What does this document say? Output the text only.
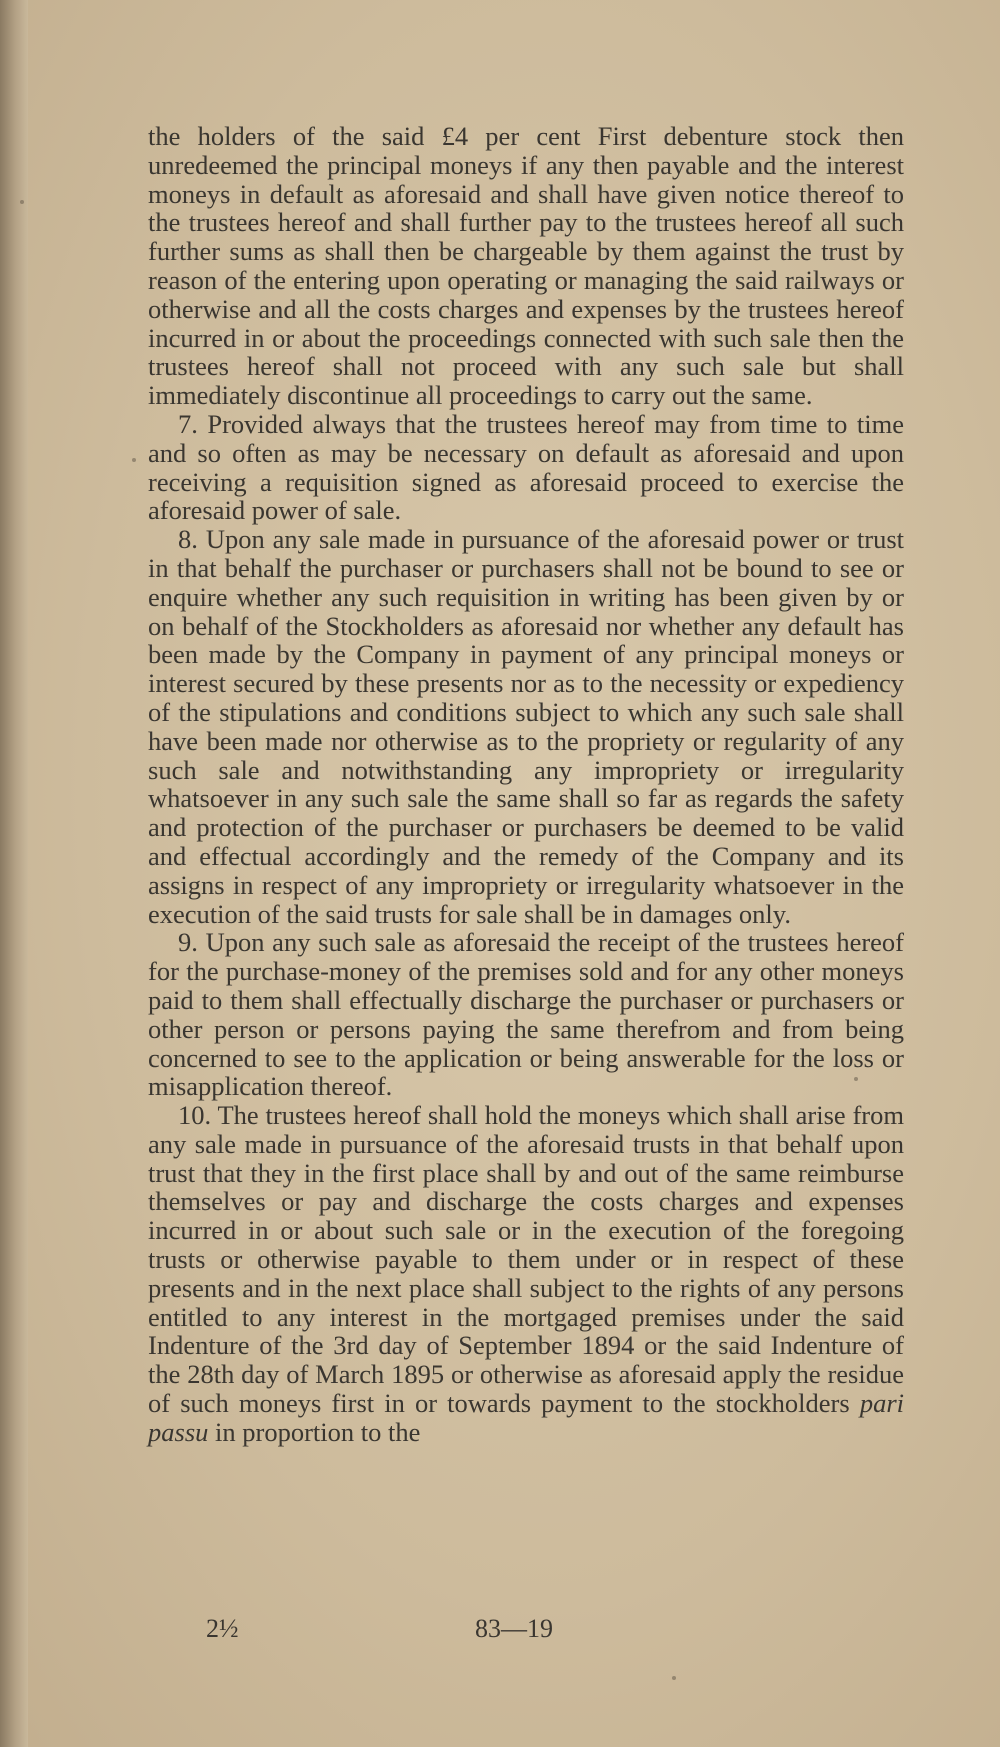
the holders of the said £4 per cent First debenture stock then unredeemed the principal moneys if any then payable and the interest moneys in default as aforesaid and shall have given notice thereof to the trustees hereof and shall further pay to the trustees hereof all such further sums as shall then be chargeable by them against the trust by reason of the entering upon operating or managing the said railways or otherwise and all the costs charges and expenses by the trustees hereof incurred in or about the proceedings connected with such sale then the trustees hereof shall not proceed with any such sale but shall immediately discontinue all proceedings to carry out the same.

7. Provided always that the trustees hereof may from time to time and so often as may be necessary on default as aforesaid and upon receiving a requisition signed as aforesaid proceed to exercise the aforesaid power of sale.

8. Upon any sale made in pursuance of the aforesaid power or trust in that behalf the purchaser or purchasers shall not be bound to see or enquire whether any such requisition in writing has been given by or on behalf of the Stockholders as aforesaid nor whether any default has been made by the Company in payment of any principal moneys or interest secured by these presents nor as to the necessity or expediency of the stipulations and conditions subject to which any such sale shall have been made nor otherwise as to the propriety or regularity of any such sale and notwithstanding any impropriety or irregularity whatsoever in any such sale the same shall so far as regards the safety and protection of the purchaser or purchasers be deemed to be valid and effectual accordingly and the remedy of the Company and its assigns in respect of any impropriety or irregularity whatsoever in the execution of the said trusts for sale shall be in damages only.

9. Upon any such sale as aforesaid the receipt of the trustees hereof for the purchase-money of the premises sold and for any other moneys paid to them shall effectually discharge the purchaser or purchasers or other person or persons paying the same therefrom and from being concerned to see to the application or being answerable for the loss or misapplication thereof.

10. The trustees hereof shall hold the moneys which shall arise from any sale made in pursuance of the aforesaid trusts in that behalf upon trust that they in the first place shall by and out of the same reimburse themselves or pay and discharge the costs charges and expenses incurred in or about such sale or in the execution of the foregoing trusts or otherwise payable to them under or in respect of these presents and in the next place shall subject to the rights of any persons entitled to any interest in the mortgaged premises under the said Indenture of the 3rd day of September 1894 or the said Indenture of the 28th day of March 1895 or otherwise as aforesaid apply the residue of such moneys first in or towards payment to the stockholders pari passu in proportion to the

2½	83—19
